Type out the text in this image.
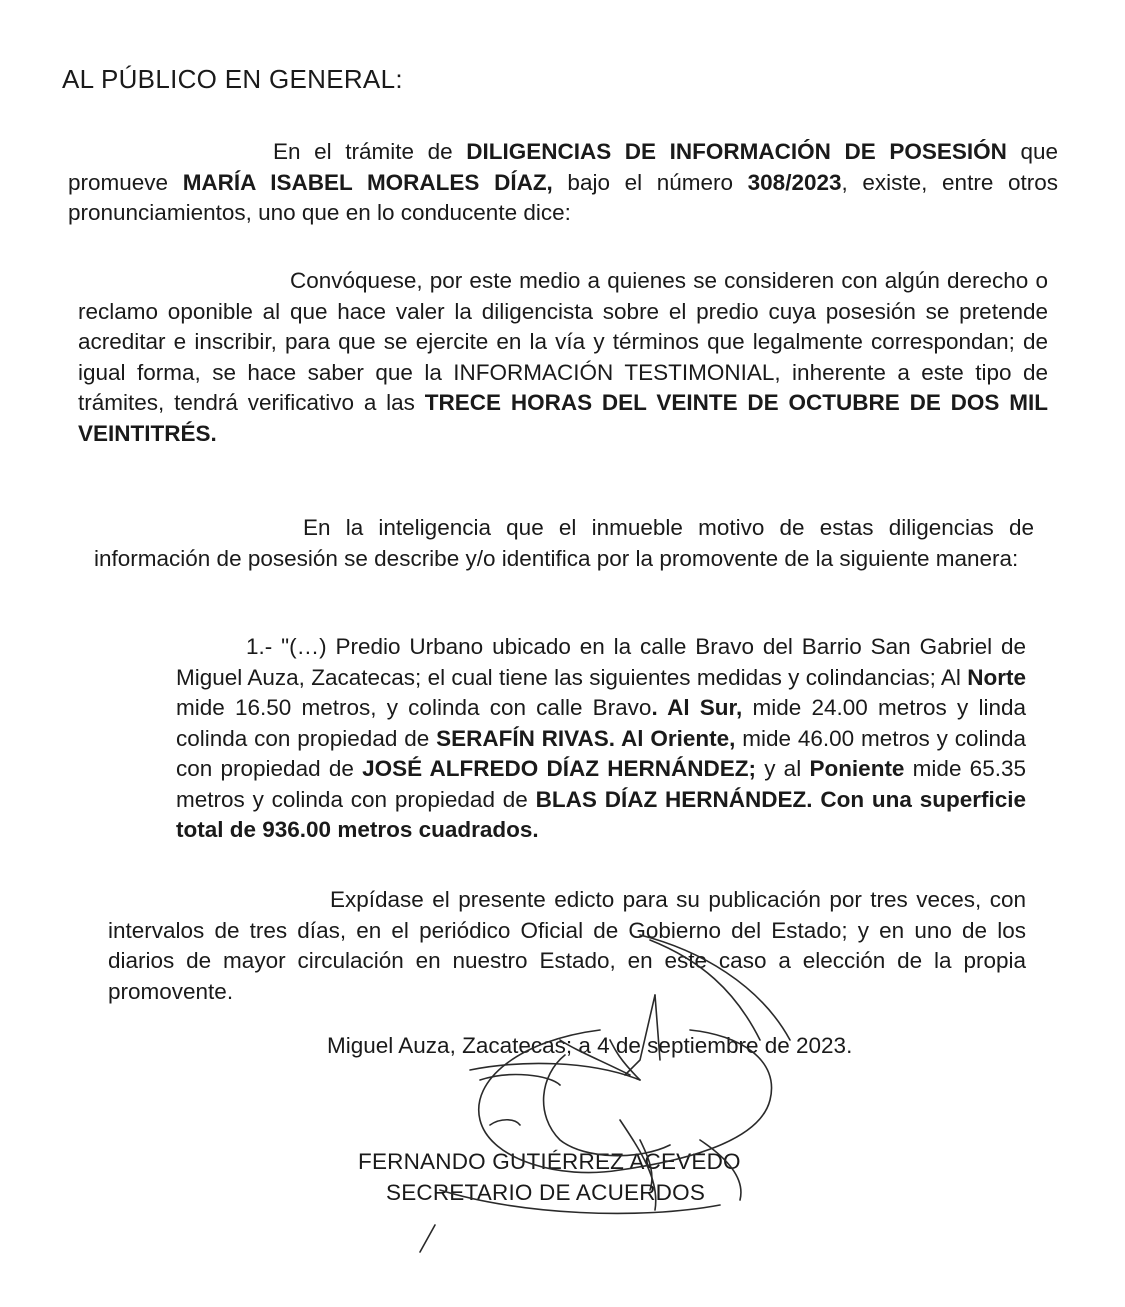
AL PÚBLICO EN GENERAL:
En el trámite de DILIGENCIAS DE INFORMACIÓN DE POSESIÓN que promueve MARÍA ISABEL MORALES DÍAZ, bajo el número 308/2023, existe, entre otros pronunciamientos, uno que en lo conducente dice:
Convóquese, por este medio a quienes se consideren con algún derecho o reclamo oponible al que hace valer la diligencista sobre el predio cuya posesión se pretende acreditar e inscribir, para que se ejercite en la vía y términos que legalmente correspondan; de igual forma, se hace saber que la INFORMACIÓN TESTIMONIAL, inherente a este tipo de trámites, tendrá verificativo a las TRECE HORAS DEL VEINTE DE OCTUBRE DE DOS MIL VEINTITRÉS.
En la inteligencia que el inmueble motivo de estas diligencias de información de posesión se describe y/o identifica por la promovente de la siguiente manera:
1.- "(…) Predio Urbano ubicado en la calle Bravo del Barrio San Gabriel de Miguel Auza, Zacatecas; el cual tiene las siguientes medidas y colindancias; Al Norte mide 16.50 metros, y colinda con calle Bravo. Al Sur, mide 24.00 metros y linda colinda con propiedad de SERAFÍN RIVAS. Al Oriente, mide 46.00 metros y colinda con propiedad de JOSÉ ALFREDO DÍAZ HERNÁNDEZ; y al Poniente mide 65.35 metros y colinda con propiedad de BLAS DÍAZ HERNÁNDEZ. Con una superficie total de 936.00 metros cuadrados.
Expídase el presente edicto para su publicación por tres veces, con intervalos de tres días, en el periódico Oficial de Gobierno del Estado; y en uno de los diarios de mayor circulación en nuestro Estado, en este caso a elección de la propia promovente.
Miguel Auza, Zacatecas; a 4 de septiembre de 2023.
FERNANDO GUTIÉRREZ ACEVEDO
SECRETARIO DE ACUERDOS
